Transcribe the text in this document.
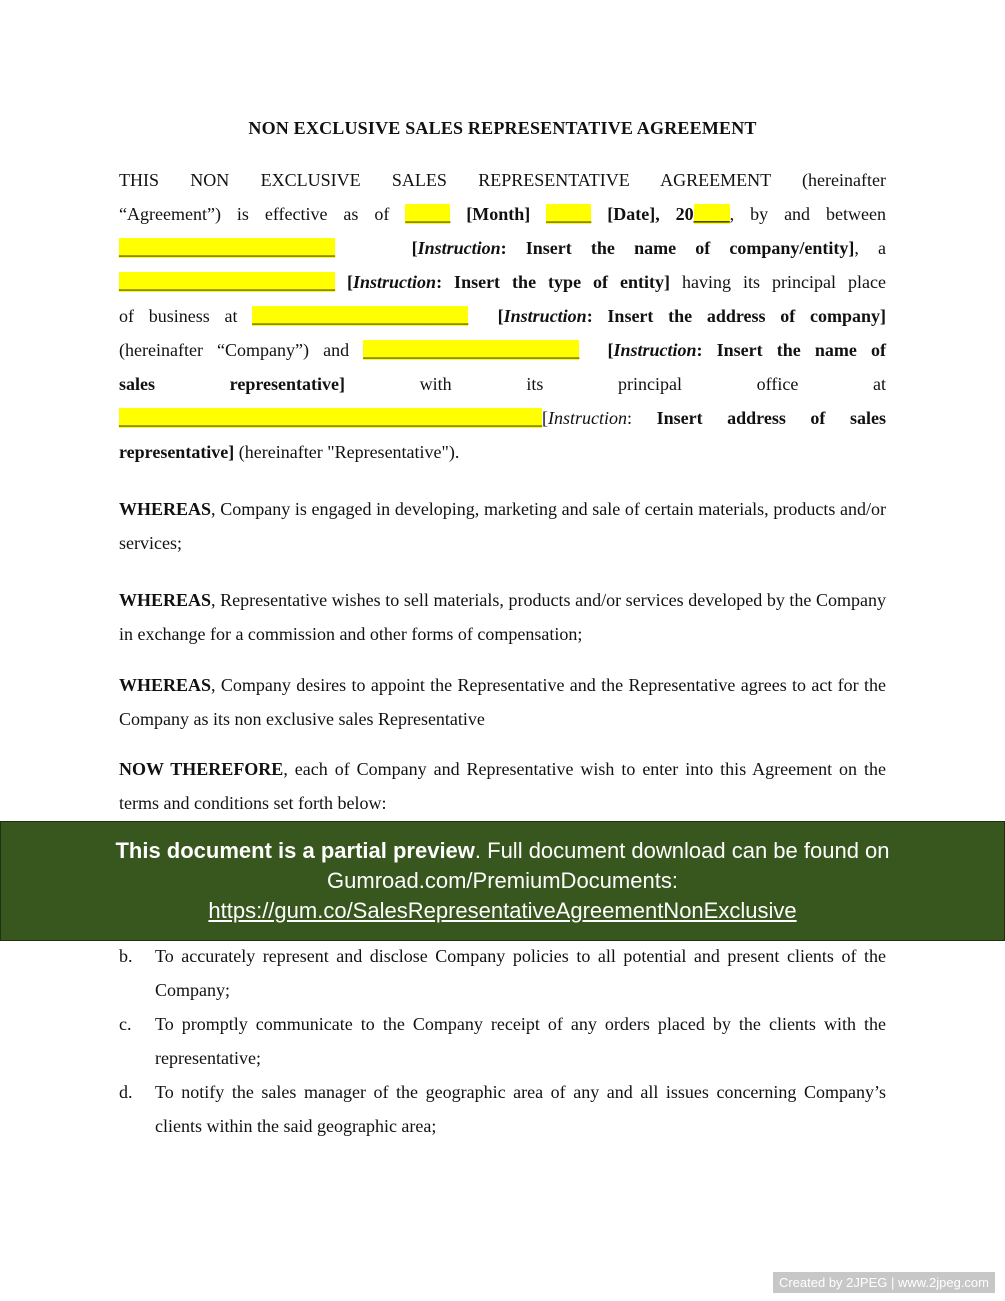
NON EXCLUSIVE SALES REPRESENTATIVE AGREEMENT
THIS NON EXCLUSIVE SALES REPRESENTATIVE AGREEMENT (hereinafter
“Agreement”) is effective as of _____ [Month] _____ [Date], 20____, by and between
________________________	[Instruction: Insert the name of company/entity], a
________________________ [Instruction: Insert the type of entity] having its principal place
of business at ________________________ [Instruction: Insert the address of company]
(hereinafter “Company”) and ________________________ [Instruction: Insert the name of
sales representative] with its principal office at
_______________________________________________[Instruction: Insert address of sales
representative] (hereinafter "Representative").
WHEREAS, Company is engaged in developing, marketing and sale of certain materials, products and/or services;
WHEREAS, Representative wishes to sell materials, products and/or services developed by the Company in exchange for a commission and other forms of compensation;
WHEREAS, Company desires to appoint the Representative and the Representative agrees to act for the Company as its non exclusive sales Representative
NOW THEREFORE, each of Company and Representative wish to enter into this Agreement on the terms and conditions set forth below:
This document is a partial preview. Full document download can be found on
Gumroad.com/PremiumDocuments:
https://gum.co/SalesRepresentativeAgreementNonExclusive
b. To accurately represent and disclose Company policies to all potential and present clients of the Company;
c. To promptly communicate to the Company receipt of any orders placed by the clients with the representative;
d. To notify the sales manager of the geographic area of any and all issues concerning Company’s clients within the said geographic area;
Created by 2JPEG | www.2jpeg.com
